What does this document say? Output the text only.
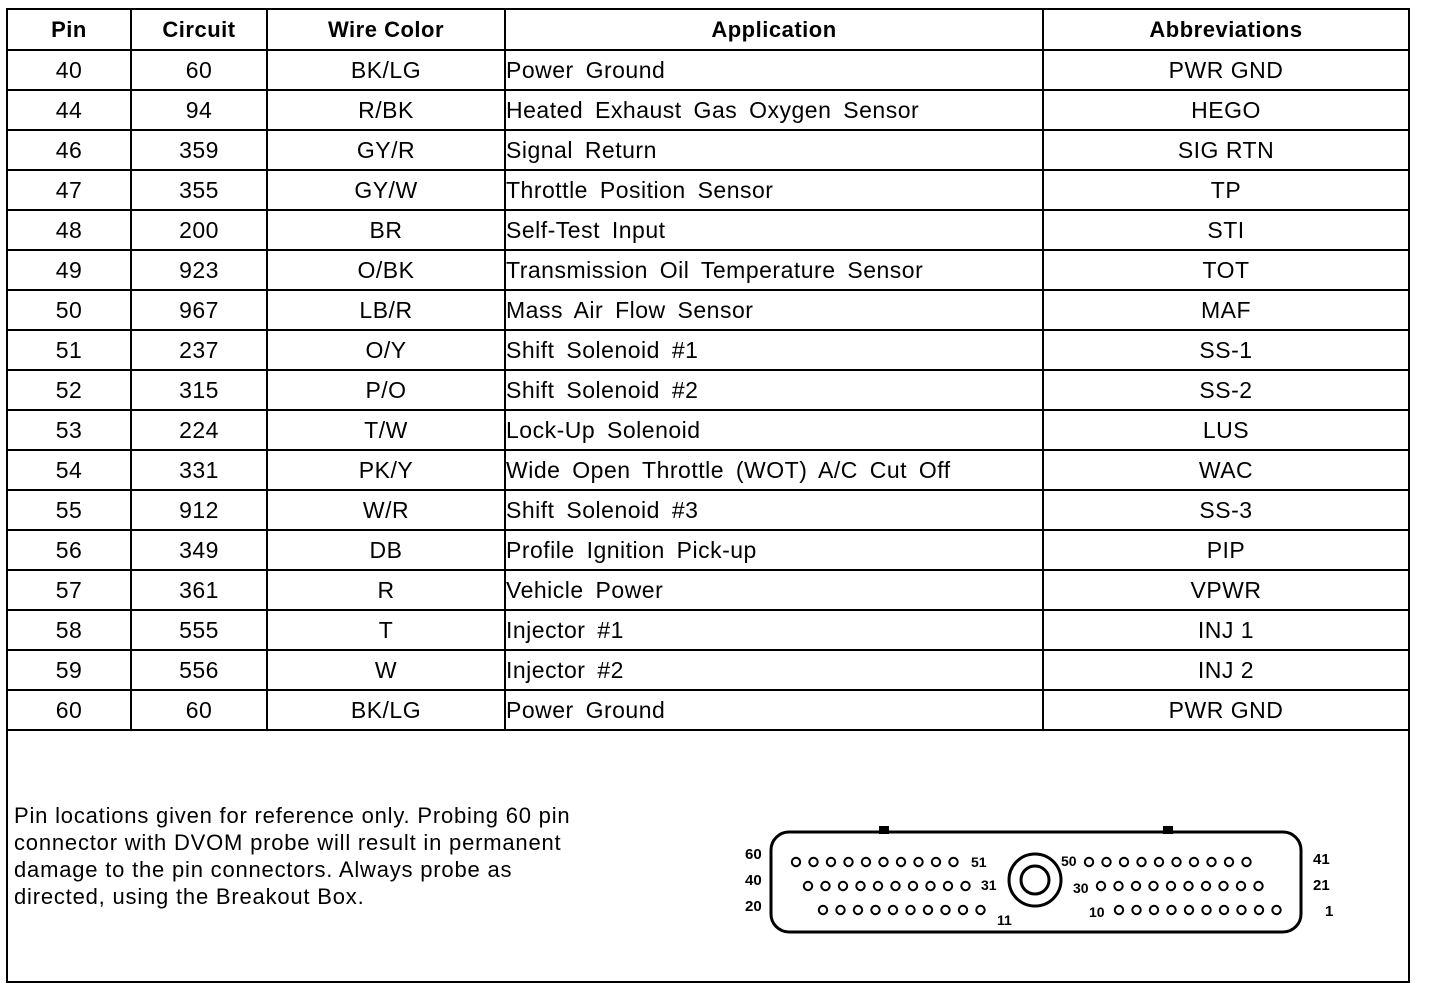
Pin	Circuit	Wire Color	Application	Abbreviations
40	60	BK/LG	Power Ground	PWR GND
44	94	R/BK	Heated Exhaust Gas Oxygen Sensor	HEGO
46	359	GY/R	Signal Return	SIG RTN
47	355	GY/W	Throttle Position Sensor	TP
48	200	BR	Self-Test Input	STI
49	923	O/BK	Transmission Oil Temperature Sensor	TOT
50	967	LB/R	Mass Air Flow Sensor	MAF
51	237	O/Y	Shift Solenoid #1	SS-1
52	315	P/O	Shift Solenoid #2	SS-2
53	224	T/W	Lock-Up Solenoid	LUS
54	331	PK/Y	Wide Open Throttle (WOT) A/C Cut Off	WAC
55	912	W/R	Shift Solenoid #3	SS-3
56	349	DB	Profile Ignition Pick-up	PIP
57	361	R	Vehicle Power	VPWR
58	555	T	Injector #1	INJ 1
59	556	W	Injector #2	INJ 2
60	60	BK/LG	Power Ground	PWR GND
Pin locations given for reference only. Probing 60 pin
connector with DVOM probe will result in permanent
damage to the pin connectors. Always probe as
directed, using the Breakout Box.
60
40
20
41
21
1
51
31
11
50
30
10
